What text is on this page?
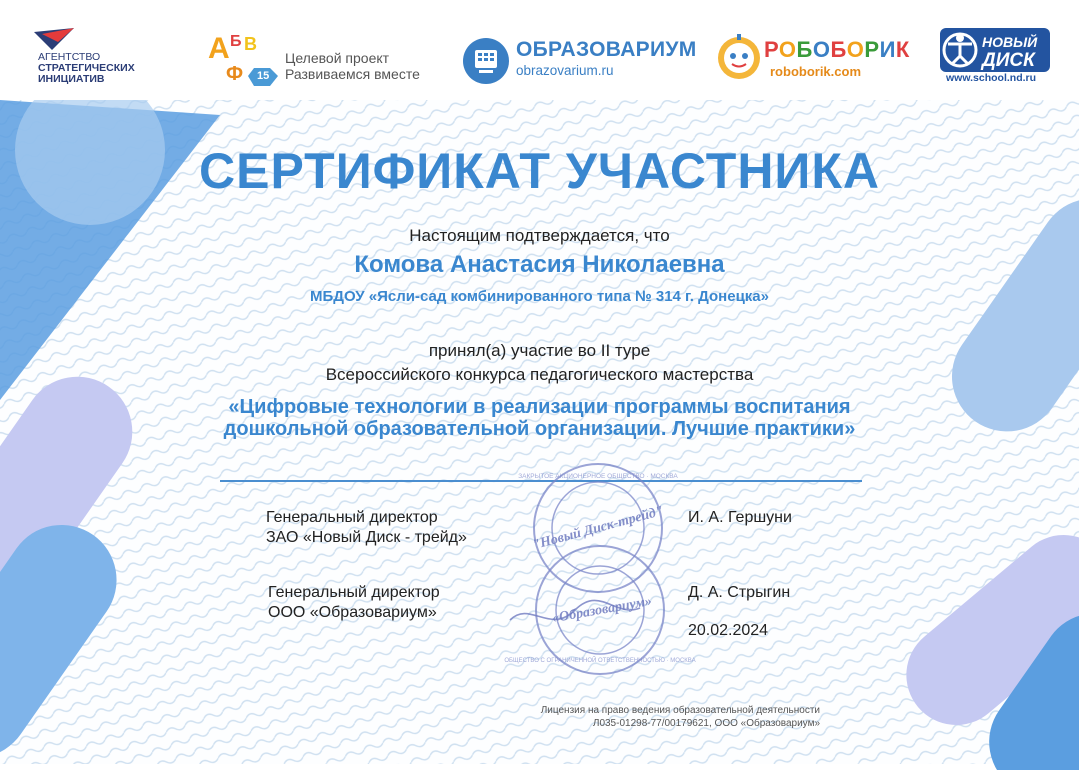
АГЕНТСТВО
СТРАТЕГИЧЕСКИХ
ИНИЦИАТИВ
А Б В
Ф 15
Целевой проект
Развиваемся вместе
ОБРАЗОВАРИУМ
obrazovarium.ru
РОБОБОРИК
roboborik.com
НОВЫЙ
ДИСК
www.school.nd.ru
СЕРТИФИКАТ УЧАСТНИКА
Настоящим подтверждается, что
Комова Анастасия Николаевна
МБДОУ «Ясли-сад комбинированного типа № 314 г. Донецка»
принял(а) участие во II туре
Всероссийского конкурса педагогического мастерства
«Цифровые технологии в реализации программы воспитания
дошкольной образовательной организации. Лучшие практики»
"Новый Диск-трейд"
ЗАКРЫТОЕ АКЦИОНЕРНОЕ ОБЩЕСТВО · МОСКВА
«Образовариум»
ОБЩЕСТВО С ОГРАНИЧЕННОЙ ОТВЕТСТВЕННОСТЬЮ · МОСКВА
Генеральный директор
ЗАО «Новый Диск - трейд»
И. А. Гершуни
Генеральный директор
ООО «Образовариум»
Д. А. Стрыгин
20.02.2024
Лицензия на право ведения образовательной деятельности
Л035-01298-77/00179621, ООО «Образовариум»
